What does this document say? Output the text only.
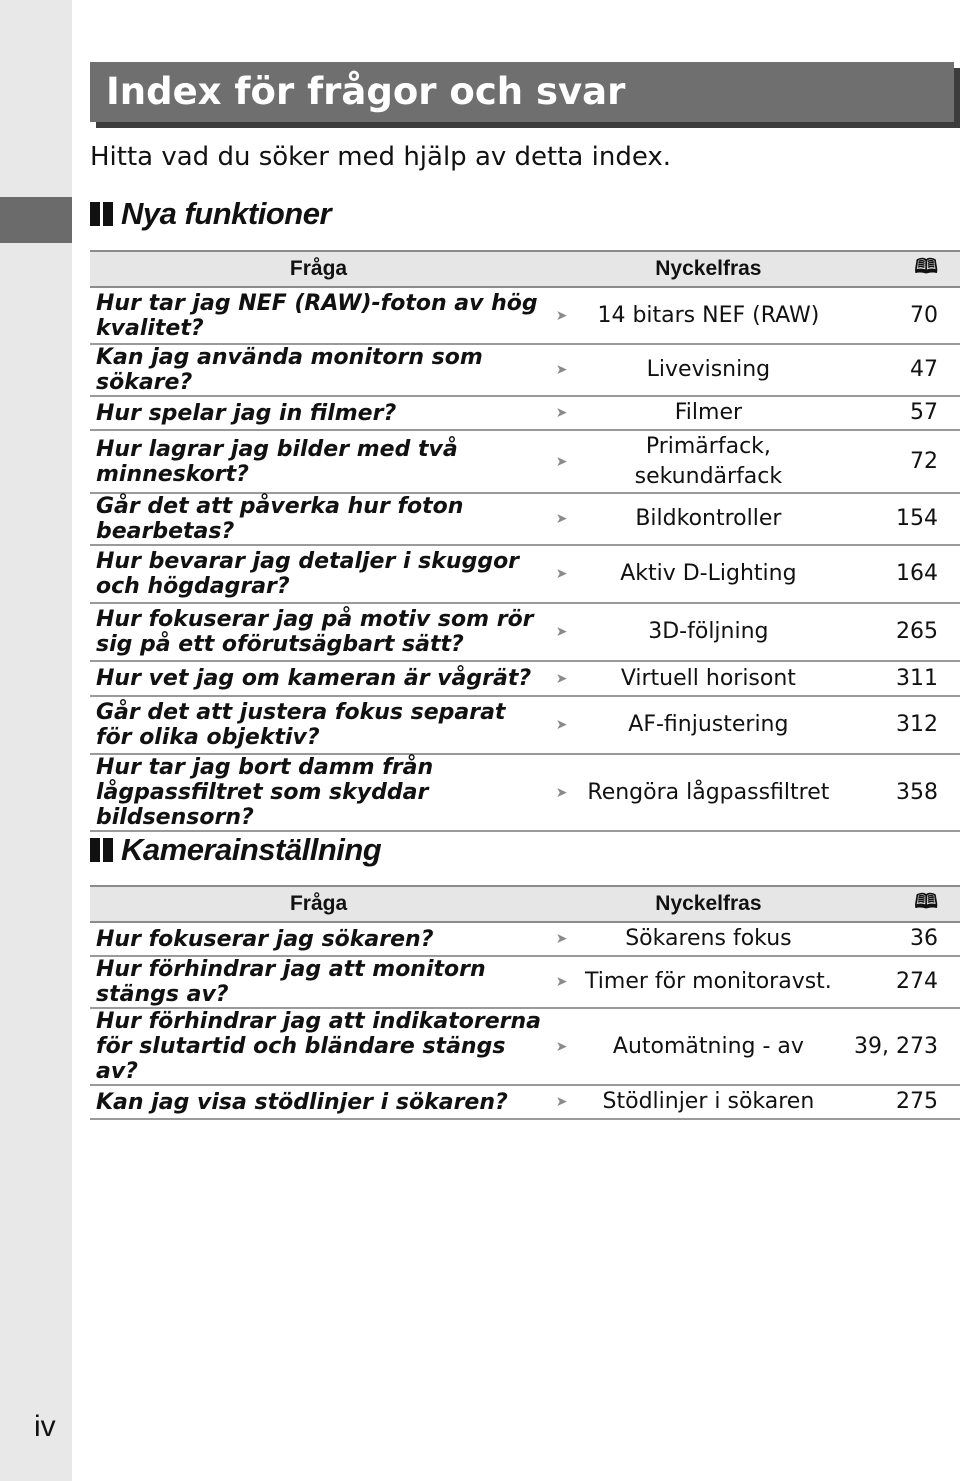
Index för frågor och svar
Hitta vad du söker med hjälp av detta index.
Nya funktioner
Fråga		Nyckelfras	🕮
Hur tar jag NEF (RAW)-foton av hög kvalitet?	➤	14 bitars NEF (RAW)	70
Kan jag använda monitorn som sökare?	➤	Livevisning	47
Hur spelar jag in filmer?	➤	Filmer	57
Hur lagrar jag bilder med två minneskort?	➤	Primärfack, sekundärfack	72
Går det att påverka hur foton bearbetas?	➤	Bildkontroller	154
Hur bevarar jag detaljer i skuggor och högdagrar?	➤	Aktiv D-Lighting	164
Hur fokuserar jag på motiv som rör sig på ett oförutsägbart sätt?	➤	3D-följning	265
Hur vet jag om kameran är vågrät?	➤	Virtuell horisont	311
Går det att justera fokus separat för olika objektiv?	➤	AF-finjustering	312
Hur tar jag bort damm från lågpassfiltret som skyddar bildsensorn?	➤	Rengöra lågpassfiltret	358
Kamerainställning
Fråga		Nyckelfras	🕮
Hur fokuserar jag sökaren?	➤	Sökarens fokus	36
Hur förhindrar jag att monitorn stängs av?	➤	Timer för monitoravst.	274
Hur förhindrar jag att indikatorerna för slutartid och bländare stängs av?	➤	Automätning - av	39, 273
Kan jag visa stödlinjer i sökaren?	➤	Stödlinjer i sökaren	275
iv
